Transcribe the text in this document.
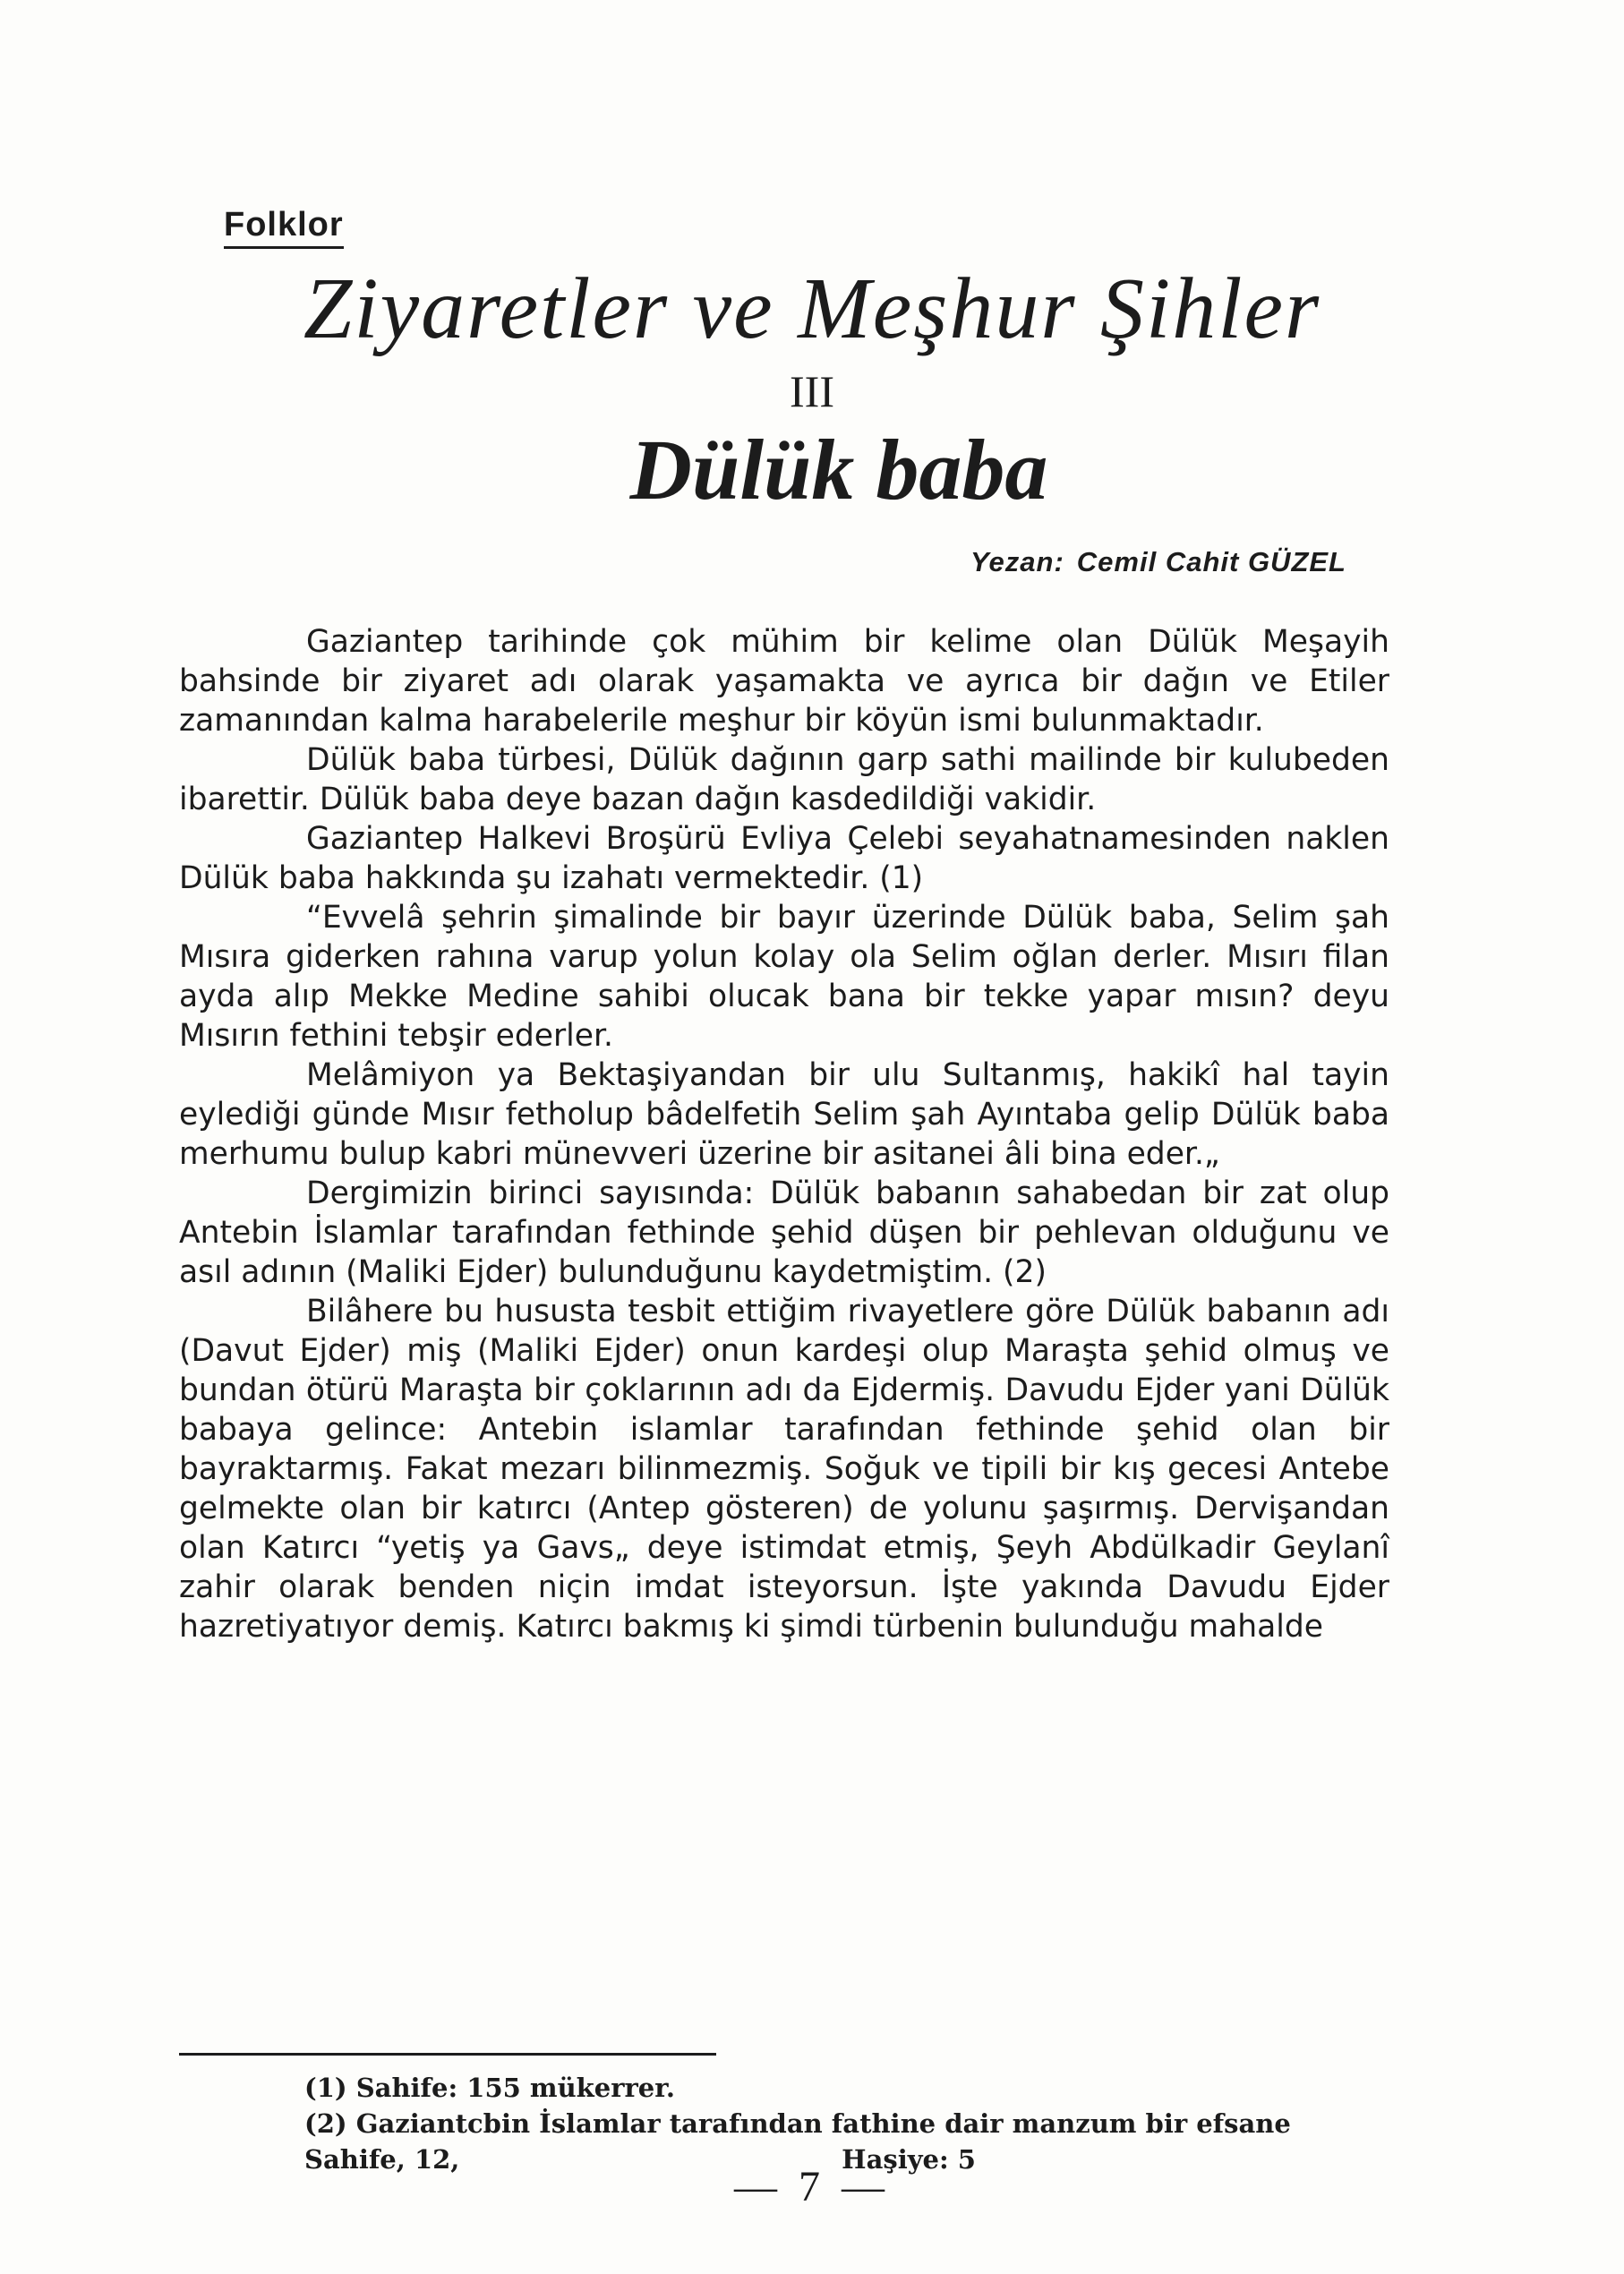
Folklor
Ziyaretler ve Meşhur Şihler
III
Dülük baba
Yezan: Cemil Cahit GÜZEL

Gaziantep tarihinde çok mühim bir kelime olan Dülük Meşayih bahsinde bir ziyaret adı olarak yaşamakta ve ayrıca bir dağın ve Etiler zamanından kalma harabelerile meşhur bir köyün ismi bulunmaktadır.

Dülük baba türbesi, Dülük dağının garp sathi mailinde bir kulubeden ibarettir. Dülük baba deye bazan dağın kasdedildiği vakidir.

Gaziantep Halkevi Broşürü Evliya Çelebi seyahatnamesinden naklen Dülük baba hakkında şu izahatı vermektedir. (1)

“Evvelâ şehrin şimalinde bir bayır üzerinde Dülük baba, Selim şah Mısıra giderken rahına varup yolun kolay ola Selim oğlan derler. Mısırı filan ayda alıp Mekke Medine sahibi olucak bana bir tekke yapar mısın? deyu Mısırın fethini tebşir ederler.

Melâmiyon ya Bektaşiyandan bir ulu Sultanmış, hakikî hal tayin eylediği günde Mısır fetholup bâdelfetih Selim şah Ayıntaba gelip Dülük baba merhumu bulup kabri münevveri üzerine bir asitanei âli bina eder.„

Dergimizin birinci sayısında: Dülük babanın sahabedan bir zat olup Antebin İslamlar tarafından fethinde şehid düşen bir pehlevan olduğunu ve asıl adının (Maliki Ejder) bulunduğunu kaydetmiştim. (2)

Bilâhere bu hususta tesbit ettiğim rivayetlere göre Dülük babanın adı (Davut Ejder) miş (Maliki Ejder) onun kardeşi olup Maraşta şehid olmuş ve bundan ötürü Maraşta bir çoklarının adı da Ejdermiş. Davudu Ejder yani Dülük babaya gelince: Antebin islamlar tarafından fethinde şehid olan bir bayraktarmış. Fakat mezarı bilinmezmiş. Soğuk ve tipili bir kış gecesi Antebe gelmekte olan bir katırcı (Antep gösteren) de yolunu şaşırmış. Dervişandan olan Katırcı “yetiş ya Gavs„ deye istimdat etmiş, Şeyh Abdülkadir Geylanî zahir olarak benden niçin imdat isteyorsun. İşte yakında Davudu Ejder hazretiyatıyor demiş. Katırcı bakmış ki şimdi türbenin bulunduğu mahalde

(1) Sahife: 155 mükerrer.

(2) Gaziantcbin İslamlar tarafından fathine dair manzum bir efsane

Sahife, 12,	Haşiye: 5
— 7 —
